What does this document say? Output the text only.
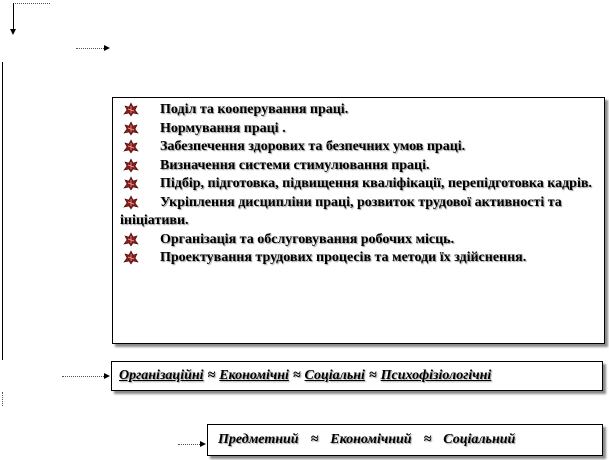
Поділ та кооперування праці.
Нормування праці .
Забезпечення здорових та безпечних умов праці.
Визначення системи стимулювання праці.
Підбір, підготовка, підвищення кваліфікації, перепідготовка кадрів.
Укріплення дисципліни праці, розвиток трудової активності та ініціативи.
Організація та обслуговування робочих місць.
Проектування трудових процесів та методи їх здійснення.
Організаційні ≈ Економічні ≈ Соціальні ≈ Психофізіологічні
Предметний ≈ Економічний ≈ Соціальний
